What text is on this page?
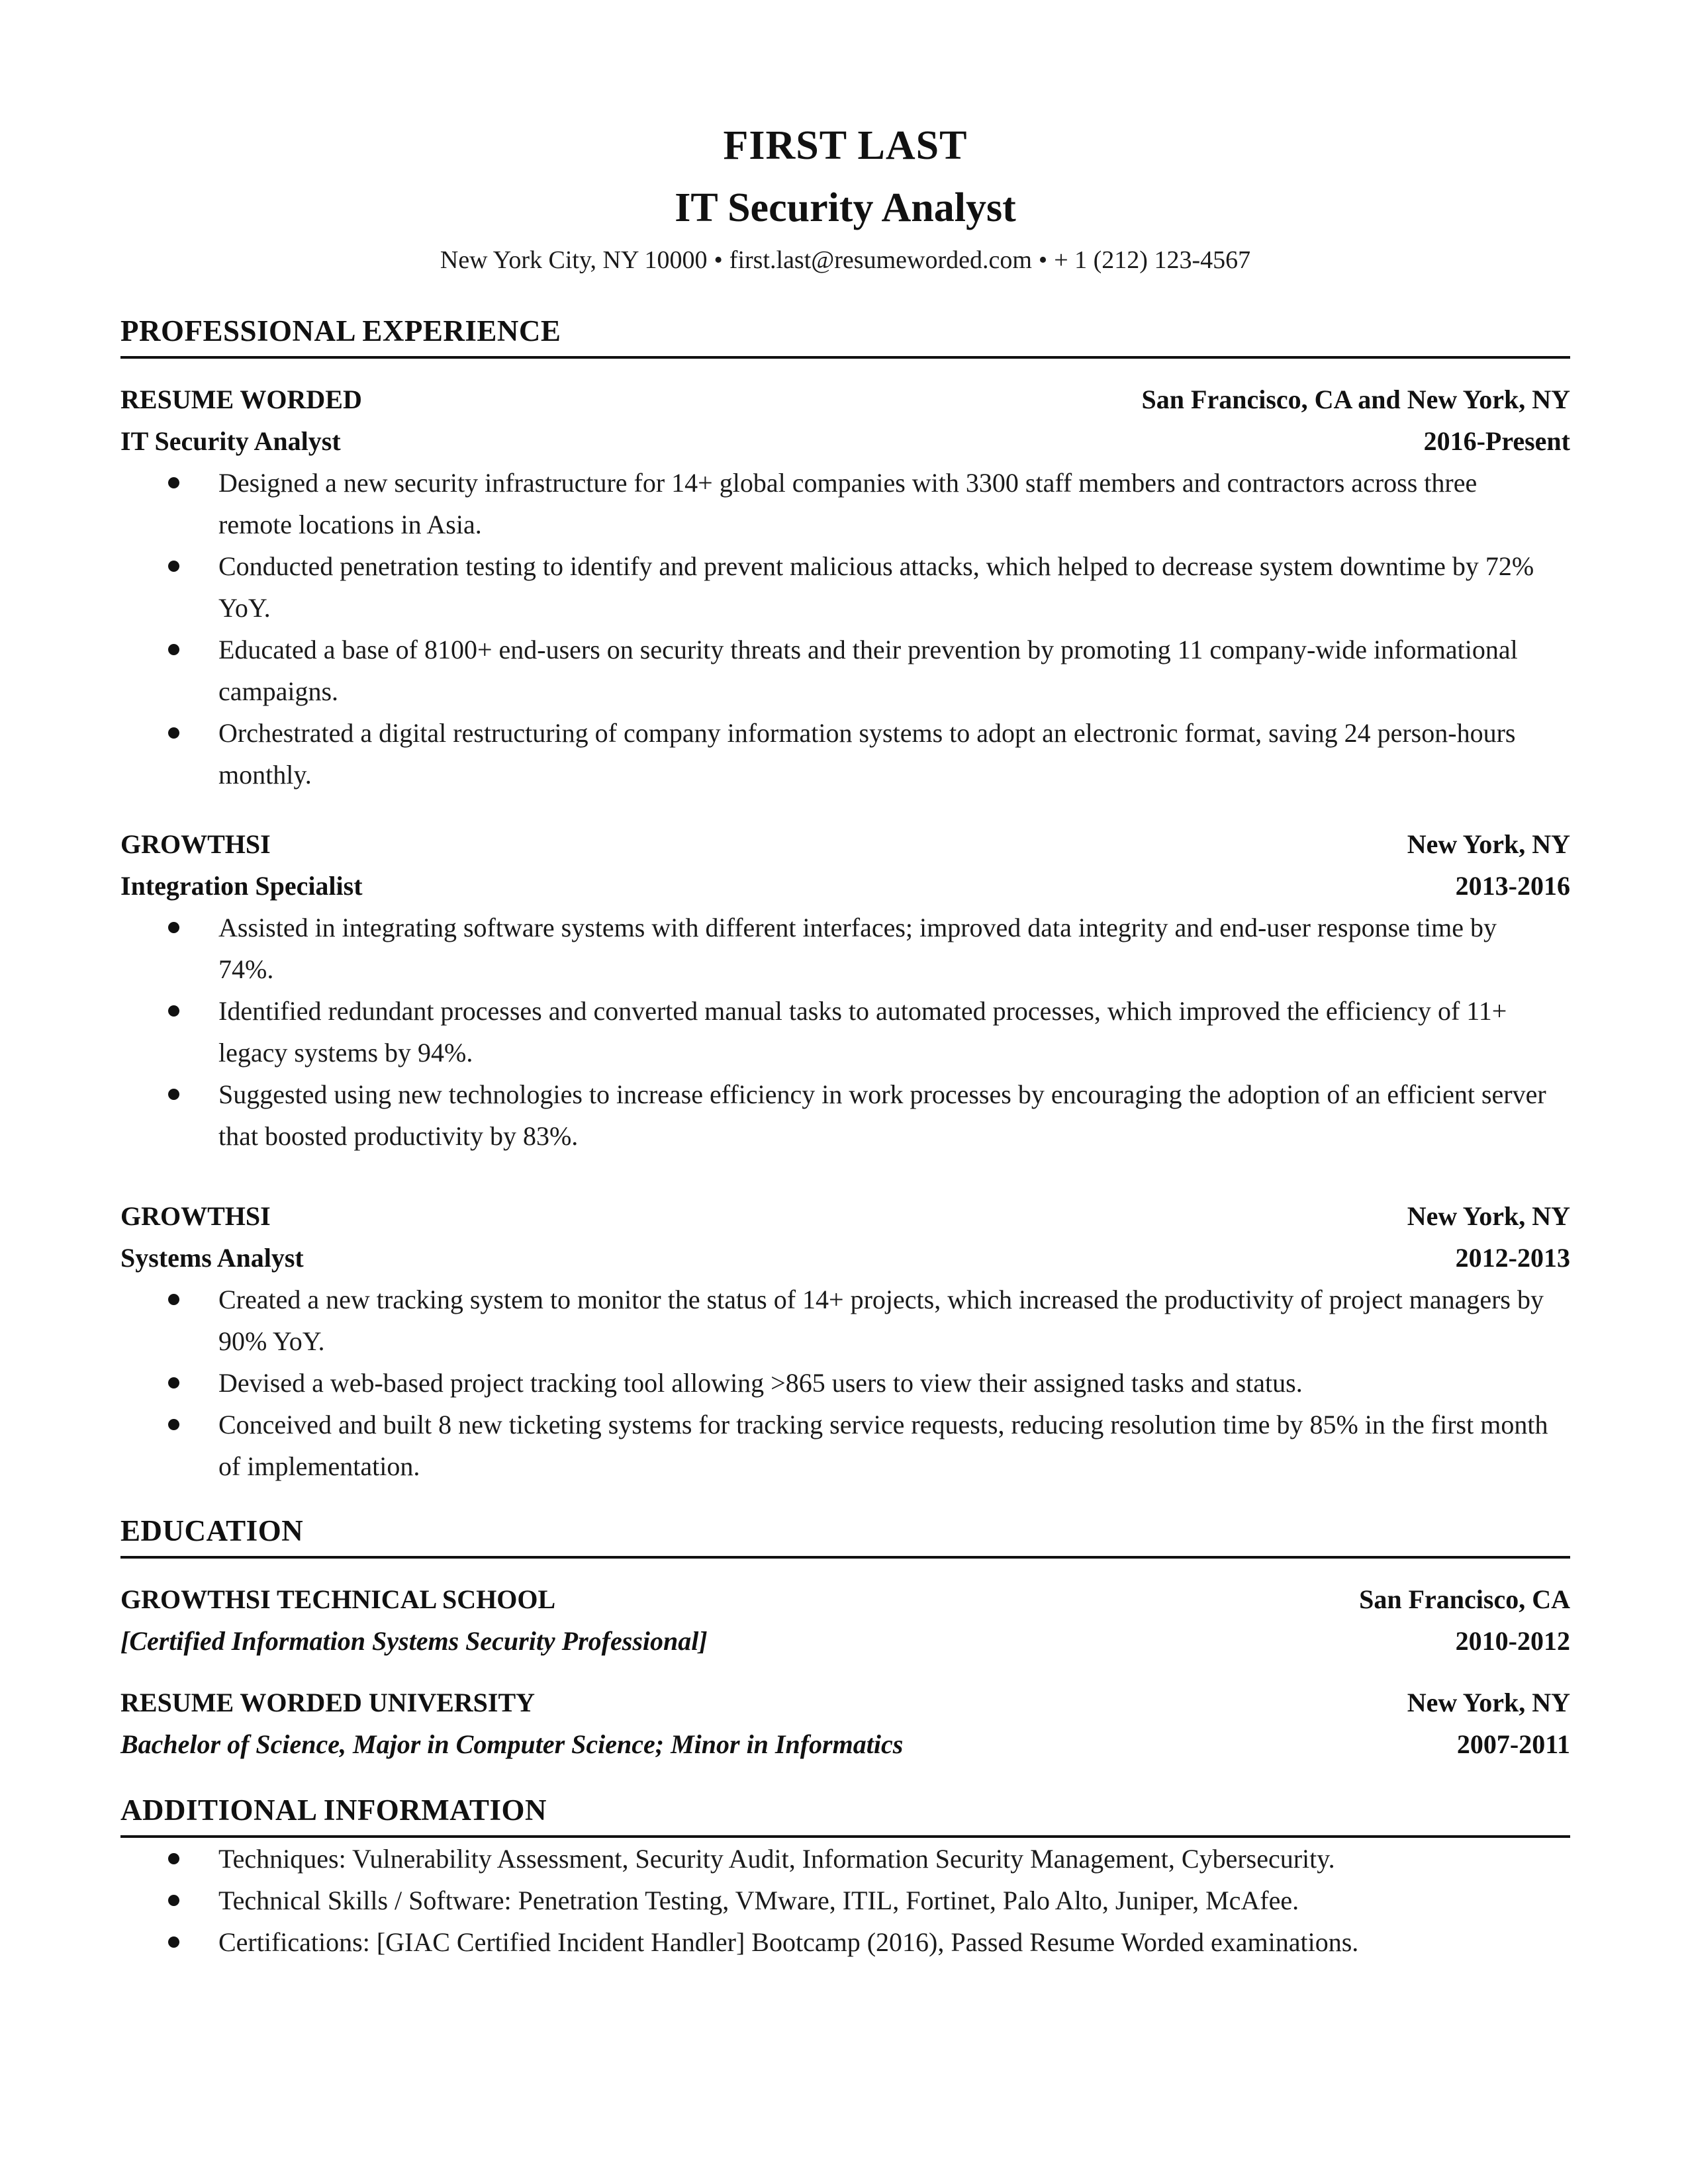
FIRST LAST
IT Security Analyst
New York City, NY 10000 • first.last@resumeworded.com • + 1 (212) 123-4567
PROFESSIONAL EXPERIENCE
RESUME WORDED	San Francisco, CA and New York, NY
IT Security Analyst	2016-Present
Designed a new security infrastructure for 14+ global companies with 3300 staff members and contractors across three remote locations in Asia.
Conducted penetration testing to identify and prevent malicious attacks, which helped to decrease system downtime by 72% YoY.
Educated a base of 8100+ end-users on security threats and their prevention by promoting 11 company-wide informational campaigns.
Orchestrated a digital restructuring of company information systems to adopt an electronic format, saving 24 person-hours monthly.
GROWTHSI	New York, NY
Integration Specialist	2013-2016
Assisted in integrating software systems with different interfaces; improved data integrity and end-user response time by 74%.
Identified redundant processes and converted manual tasks to automated processes, which improved the efficiency of 11+ legacy systems by 94%.
Suggested using new technologies to increase efficiency in work processes by encouraging the adoption of an efficient server that boosted productivity by 83%.
GROWTHSI	New York, NY
Systems Analyst	2012-2013
Created a new tracking system to monitor the status of 14+ projects, which increased the productivity of project managers by 90% YoY.
Devised a web-based project tracking tool allowing >865 users to view their assigned tasks and status.
Conceived and built 8 new ticketing systems for tracking service requests, reducing resolution time by 85% in the first month of implementation.
EDUCATION
GROWTHSI TECHNICAL SCHOOL	San Francisco, CA
[Certified Information Systems Security Professional]	2010-2012
RESUME WORDED UNIVERSITY	New York, NY
Bachelor of Science, Major in Computer Science; Minor in Informatics	2007-2011
ADDITIONAL INFORMATION
Techniques: Vulnerability Assessment, Security Audit, Information Security Management, Cybersecurity.
Technical Skills / Software: Penetration Testing, VMware, ITIL, Fortinet, Palo Alto, Juniper, McAfee.
Certifications: [GIAC Certified Incident Handler] Bootcamp (2016), Passed Resume Worded examinations.
